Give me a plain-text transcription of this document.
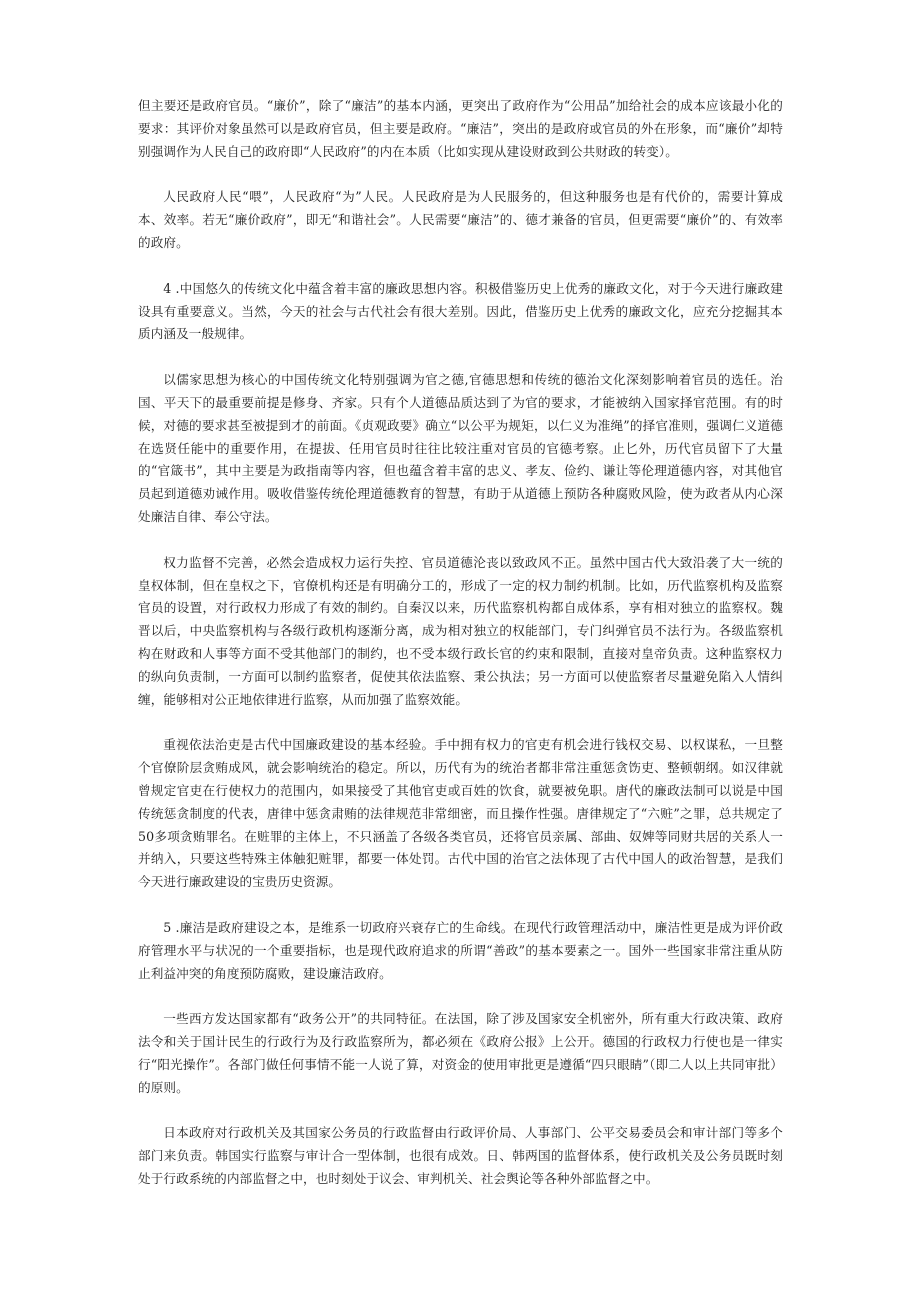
但主要还是政府官员。“廉价”，除了“廉洁”的基本内涵，更突出了政府作为“公用品”加给社会的成本应该最小化的要求：其评价对象虽然可以是政府官员，但主要是政府。“廉洁”，突出的是政府或官员的外在形象，而“廉价”却特别强调作为人民自己的政府即“人民政府”的内在本质（比如实现从建设财政到公共财政的转变）。

人民政府人民“喂”，人民政府“为”人民。人民政府是为人民服务的，但这种服务也是有代价的，需要计算成本、效率。若无“廉价政府”，即无“和谐社会”。人民需要“廉洁”的、德才兼备的官员，但更需要“廉价”的、有效率的政府。

4 .中国悠久的传统文化中蕴含着丰富的廉政思想内容。积极借鉴历史上优秀的廉政文化，对于今天进行廉政建设具有重要意义。当然，今天的社会与古代社会有很大差别。因此，借鉴历史上优秀的廉政文化，应充分挖掘其本质内涵及一般规律。

以儒家思想为核心的中国传统文化特别强调为官之德,官德思想和传统的德治文化深刻影响着官员的选任。治国、平天下的最重要前提是修身、齐家。只有个人道德品质达到了为官的要求，才能被纳入国家择官范围。有的时候，对德的要求甚至被提到才的前面。《贞观政要》确立“以公平为规矩，以仁义为准绳”的择官准则，强调仁义道德在选贤任能中的重要作用，在提拔、任用官员时往往比较注重对官员的官德考察。止匕外，历代官员留下了大量的“官箴书”，其中主要是为政指南等内容，但也蕴含着丰富的忠义、孝友、俭约、谦让等伦理道德内容，对其他官员起到道德劝诫作用。吸收借鉴传统伦理道德教育的智慧，有助于从道德上预防各种腐败风险，使为政者从内心深处廉洁自律、奉公守法。

权力监督不完善，必然会造成权力运行失控、官员道德沦丧以致政风不正。虽然中国古代大致沿袭了大一统的皇权体制，但在皇权之下，官僚机构还是有明确分工的，形成了一定的权力制约机制。比如，历代监察机构及监察官员的设置，对行政权力形成了有效的制约。自秦汉以来，历代监察机构都自成体系，享有相对独立的监察权。魏晋以后，中央监察机构与各级行政机构逐渐分离，成为相对独立的权能部门，专门纠弹官员不法行为。各级监察机构在财政和人事等方面不受其他部门的制约，也不受本级行政长官的约束和限制，直接对皇帝负责。这种监察权力的纵向负责制，一方面可以制约监察者，促使其依法监察、秉公执法；另一方面可以使监察者尽量避免陷入人情纠缠，能够相对公正地依律进行监察，从而加强了监察效能。

重视依法治吏是古代中国廉政建设的基本经验。手中拥有权力的官吏有机会进行钱权交易、以权谋私，一旦整个官僚阶层贪贿成风，就会影响统治的稳定。所以，历代有为的统治者都非常注重惩贪饬吏、整顿朝纲。如汉律就曾规定官吏在行使权力的范围内，如果接受了其他官吏或百姓的饮食，就要被免职。唐代的廉政法制可以说是中国传统惩贪制度的代表，唐律中惩贪肃贿的法律规范非常细密，而且操作性强。唐律规定了“六赃”之罪，总共规定了50多项贪贿罪名。在赃罪的主体上，不只涵盖了各级各类官员，还将官员亲属、部曲、奴婢等同财共居的关系人一并纳入，只要这些特殊主体触犯赃罪，都要一体处罚。古代中国的治官之法体现了古代中国人的政治智慧，是我们今天进行廉政建设的宝贵历史资源。

5 .廉洁是政府建设之本，是维系一切政府兴衰存亡的生命线。在现代行政管理活动中，廉洁性更是成为评价政府管理水平与状况的一个重要指标，也是现代政府追求的所谓“善政”的基本要素之一。国外一些国家非常注重从防止利益冲突的角度预防腐败，建设廉洁政府。

一些西方发达国家都有“政务公开”的共同特征。在法国，除了涉及国家安全机密外，所有重大行政决策、政府法令和关于国计民生的行政行为及行政监察所为，都必须在《政府公报》上公开。德国的行政权力行使也是一律实行“阳光操作”。各部门做任何事情不能一人说了算，对资金的使用审批更是遵循“四只眼睛”（即二人以上共同审批）的原则。

日本政府对行政机关及其国家公务员的行政监督由行政评价局、人事部门、公平交易委员会和审计部门等多个部门来负责。韩国实行监察与审计合一型体制，也很有成效。日、韩两国的监督体系，使行政机关及公务员既时刻处于行政系统的内部监督之中，也时刻处于议会、审判机关、社会舆论等各种外部监督之中。
